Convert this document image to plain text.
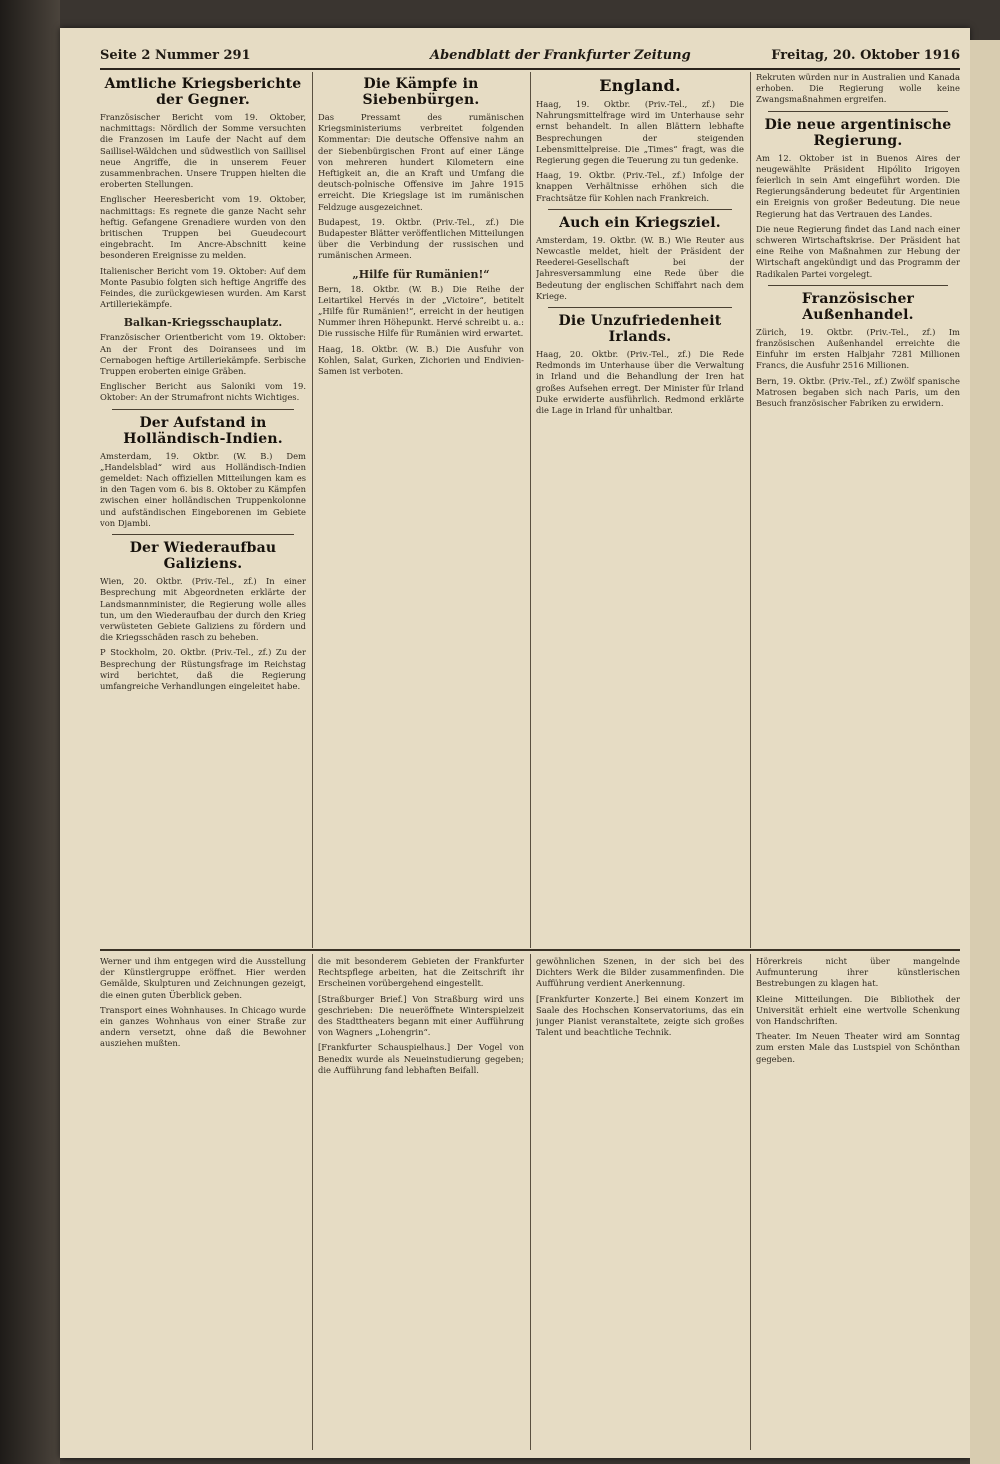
Seite 2 Nummer 291	Abendblatt der Frankfurter Zeitung	Freitag, 20. Oktober 1916
Amtliche Kriegsberichte der Gegner.

Französischer Bericht vom 19. Oktober, nachmittags: Nördlich der Somme versuchten die Franzosen im Laufe der Nacht auf dem Saillisel-Wäldchen und südwestlich von Saillisel neue Angriffe, die in unserem Feuer zusammenbrachen. Unsere Truppen hielten die eroberten Stellungen.

Englischer Heeresbericht vom 19. Oktober, nachmittags: Es regnete die ganze Nacht sehr heftig. Gefangene Grenadiere wurden von den britischen Truppen bei Gueudecourt eingebracht. Im Ancre-Abschnitt keine besonderen Ereignisse zu melden.

Italienischer Bericht vom 19. Oktober: Auf dem Monte Pasubio folgten sich heftige Angriffe des Feindes, die zurückgewiesen wurden. Am Karst Artilleriekämpfe.

Balkan-Kriegsschauplatz.

Französischer Orientbericht vom 19. Oktober: An der Front des Doiransees und im Cernabogen heftige Artilleriekämpfe. Serbische Truppen eroberten einige Gräben.

Englischer Bericht aus Saloniki vom 19. Oktober: An der Strumafront nichts Wichtiges.

Der Aufstand in Holländisch-Indien.

Amsterdam, 19. Oktbr. (W. B.) Dem „Handelsblad“ wird aus Holländisch-Indien gemeldet: Nach offiziellen Mitteilungen kam es in den Tagen vom 6. bis 8. Oktober zu Kämpfen zwischen einer holländischen Truppenkolonne und aufständischen Eingeborenen im Gebiete von Djambi.

Der Wiederaufbau Galiziens.

Wien, 20. Oktbr. (Priv.-Tel., zf.) In einer Besprechung mit Abgeordneten erklärte der Landsmannminister, die Regierung wolle alles tun, um den Wiederaufbau der durch den Krieg verwüsteten Gebiete Galiziens zu fördern und die Kriegsschäden rasch zu beheben.

P Stockholm, 20. Oktbr. (Priv.-Tel., zf.) Zu der Besprechung der Rüstungsfrage im Reichstag wird berichtet, daß die Regierung umfangreiche Verhandlungen eingeleitet habe.

Die Kämpfe in Siebenbürgen.

Das Pressamt des rumänischen Kriegsministeriums verbreitet folgenden Kommentar: Die deutsche Offensive nahm an der Siebenbürgischen Front auf einer Länge von mehreren hundert Kilometern eine Heftigkeit an, die an Kraft und Umfang die deutsch-polnische Offensive im Jahre 1915 erreicht. Die Kriegslage ist im rumänischen Feldzuge ausgezeichnet.

Budapest, 19. Oktbr. (Priv.-Tel., zf.) Die Budapester Blätter veröffentlichen Mitteilungen über die Verbindung der russischen und rumänischen Armeen.

„Hilfe für Rumänien!“

Bern, 18. Oktbr. (W. B.) Die Reihe der Leitartikel Hervés in der „Victoire“, betitelt „Hilfe für Rumänien!“, erreicht in der heutigen Nummer ihren Höhepunkt. Hervé schreibt u. a.: Die russische Hilfe für Rumänien wird erwartet.

Haag, 18. Oktbr. (W. B.) Die Ausfuhr von Kohlen, Salat, Gurken, Zichorien und Endivien-Samen ist verboten.

England.

Haag, 19. Oktbr. (Priv.-Tel., zf.) Die Nahrungsmittelfrage wird im Unterhause sehr ernst behandelt. In allen Blättern lebhafte Besprechungen der steigenden Lebensmittelpreise. Die „Times“ fragt, was die Regierung gegen die Teuerung zu tun gedenke.

Haag, 19. Oktbr. (Priv.-Tel., zf.) Infolge der knappen Verhältnisse erhöhen sich die Frachtsätze für Kohlen nach Frankreich.

Auch ein Kriegsziel.

Amsterdam, 19. Oktbr. (W. B.) Wie Reuter aus Newcastle meldet, hielt der Präsident der Reederei-Gesellschaft bei der Jahresversammlung eine Rede über die Bedeutung der englischen Schiffahrt nach dem Kriege.

Die Unzufriedenheit Irlands.

Haag, 20. Oktbr. (Priv.-Tel., zf.) Die Rede Redmonds im Unterhause über die Verwaltung in Irland und die Behandlung der Iren hat großes Aufsehen erregt. Der Minister für Irland Duke erwiderte ausführlich. Redmond erklärte die Lage in Irland für unhaltbar.

Rekruten würden nur in Australien und Kanada erhoben. Die Regierung wolle keine Zwangsmaßnahmen ergreifen.

Die neue argentinische Regierung.

Am 12. Oktober ist in Buenos Aires der neugewählte Präsident Hipólito Irigoyen feierlich in sein Amt eingeführt worden. Die Regierungsänderung bedeutet für Argentinien ein Ereignis von großer Bedeutung. Die neue Regierung hat das Vertrauen des Landes.

Die neue Regierung findet das Land nach einer schweren Wirtschaftskrise. Der Präsident hat eine Reihe von Maßnahmen zur Hebung der Wirtschaft angekündigt und das Programm der Radikalen Partei vorgelegt.

Französischer Außenhandel.

Zürich, 19. Oktbr. (Priv.-Tel., zf.) Im französischen Außenhandel erreichte die Einfuhr im ersten Halbjahr 7281 Millionen Francs, die Ausfuhr 2516 Millionen.

Bern, 19. Oktbr. (Priv.-Tel., zf.) Zwölf spanische Matrosen begaben sich nach Paris, um den Besuch französischer Fabriken zu erwidern.

Werner und ihm entgegen wird die Ausstellung der Künstlergruppe eröffnet. Hier werden Gemälde, Skulpturen und Zeichnungen gezeigt, die einen guten Überblick geben.

Transport eines Wohnhauses. In Chicago wurde ein ganzes Wohnhaus von einer Straße zur andern versetzt, ohne daß die Bewohner ausziehen mußten.

die mit besonderem Gebieten der Frankfurter Rechtspflege arbeiten, hat die Zeitschrift ihr Erscheinen vorübergehend eingestellt.

[Straßburger Brief.] Von Straßburg wird uns geschrieben: Die neueröffnete Winterspielzeit des Stadttheaters begann mit einer Aufführung von Wagners „Lohengrin“.

[Frankfurter Schauspielhaus.] Der Vogel von Benedix wurde als Neueinstudierung gegeben; die Aufführung fand lebhaften Beifall.

gewöhnlichen Szenen, in der sich bei des Dichters Werk die Bilder zusammenfinden. Die Aufführung verdient Anerkennung.

[Frankfurter Konzerte.] Bei einem Konzert im Saale des Hochschen Konservatoriums, das ein junger Pianist veranstaltete, zeigte sich großes Talent und beachtliche Technik.

Hörerkreis nicht über mangelnde Aufmunterung ihrer künstlerischen Bestrebungen zu klagen hat.

Kleine Mitteilungen. Die Bibliothek der Universität erhielt eine wertvolle Schenkung von Handschriften.

Theater. Im Neuen Theater wird am Sonntag zum ersten Male das Lustspiel von Schönthan gegeben.
